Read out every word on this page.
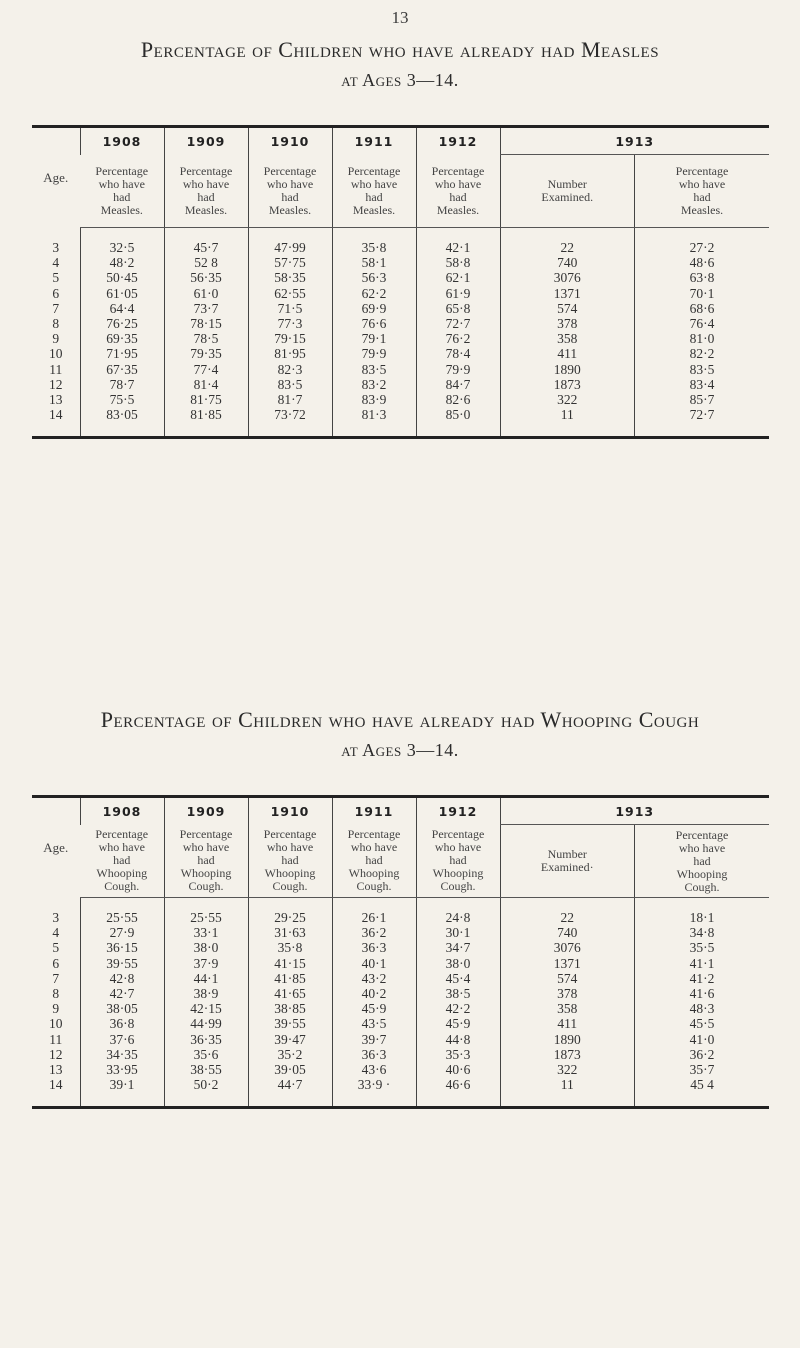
13
Percentage of Children who have already had Measles
at Ages 3—14.
Age.	1908	1909	1910	1911	1912	1913	
	Percentage
who have
had
Measles.	Percentage
who have
had
Measles.	Percentage
who have
had
Measles.	Percentage
who have
had
Measles.	Percentage
who have
had
Measles.	Number
Examined.	Percentage
who have
had
Measles.

3	32·5	45·7	47·99	35·8	42·1	22	27·2
4	48·2	52 8	57·75	58·1	58·8	740	48·6
5	50·45	56·35	58·35	56·3	62·1	3076	63·8
6	61·05	61·0	62·55	62·2	61·9	1371	70·1
7	64·4	73·7	71·5	69·9	65·8	574	68·6
8	76·25	78·15	77·3	76·6	72·7	378	76·4
9	69·35	78·5	79·15	79·1	76·2	358	81·0
10	71·95	79·35	81·95	79·9	78·4	411	82·2
11	67·35	77·4	82·3	83·5	79·9	1890	83·5
12	78·7	81·4	83·5	83·2	84·7	1873	83·4
13	75·5	81·75	81·7	83·9	82·6	322	85·7
14	83·05	81·85	73·72	81·3	85·0	11	72·7

Percentage of Children who have already had Whooping Cough
at Ages 3—14.
Age.	1908	1909	1910	1911	1912	1913	
	Percentage
who have
had
Whooping
Cough.	Percentage
who have
had
Whooping
Cough.	Percentage
who have
had
Whooping
Cough.	Percentage
who have
had
Whooping
Cough.	Percentage
who have
had
Whooping
Cough.	Number
Examined·	Percentage
who have
had
Whooping
Cough.

3	25·55	25·55	29·25	26·1	24·8	22	18·1
4	27·9	33·1	31·63	36·2	30·1	740	34·8
5	36·15	38·0	35·8	36·3	34·7	3076	35·5
6	39·55	37·9	41·15	40·1	38·0	1371	41·1
7	42·8	44·1	41·85	43·2	45·4	574	41·2
8	42·7	38·9	41·65	40·2	38·5	378	41·6
9	38·05	42·15	38·85	45·9	42·2	358	48·3
10	36·8	44·99	39·55	43·5	45·9	411	45·5
11	37·6	36·35	39·47	39·7	44·8	1890	41·0
12	34·35	35·6	35·2	36·3	35·3	1873	36·2
13	33·95	38·55	39·05	43·6	40·6	322	35·7
14	39·1	50·2	44·7	33·9 ·	46·6	11	45 4
